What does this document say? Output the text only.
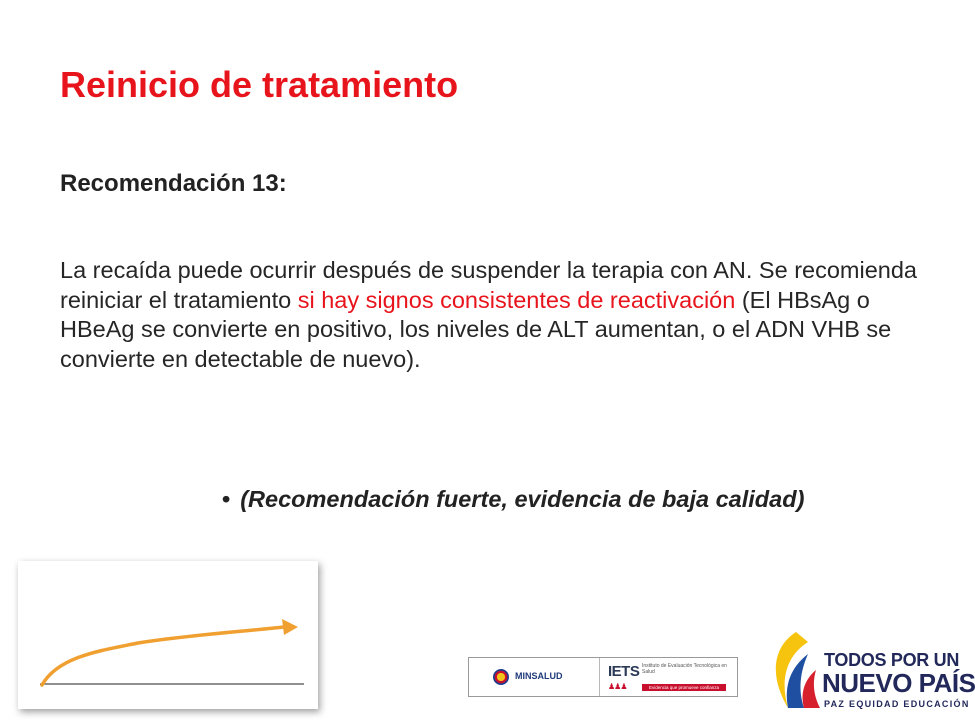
Reinicio de tratamiento
Recomendación 13:
La recaída puede ocurrir después de suspender la terapia con AN. Se recomienda reiniciar el tratamiento si hay signos consistentes de reactivación (El HBsAg o HBeAg se convierte en positivo, los niveles de ALT aumentan, o el ADN VHB se convierte en detectable de nuevo).
• (Recomendación fuerte, evidencia de baja calidad)
MINSALUD	IETS
♟♟♟
Instituto de Evaluación Tecnológica en Salud
Evidencia que promueve confianza
TODOS POR UN
NUEVO PAÍS
PAZ EQUIDAD EDUCACIÓN
